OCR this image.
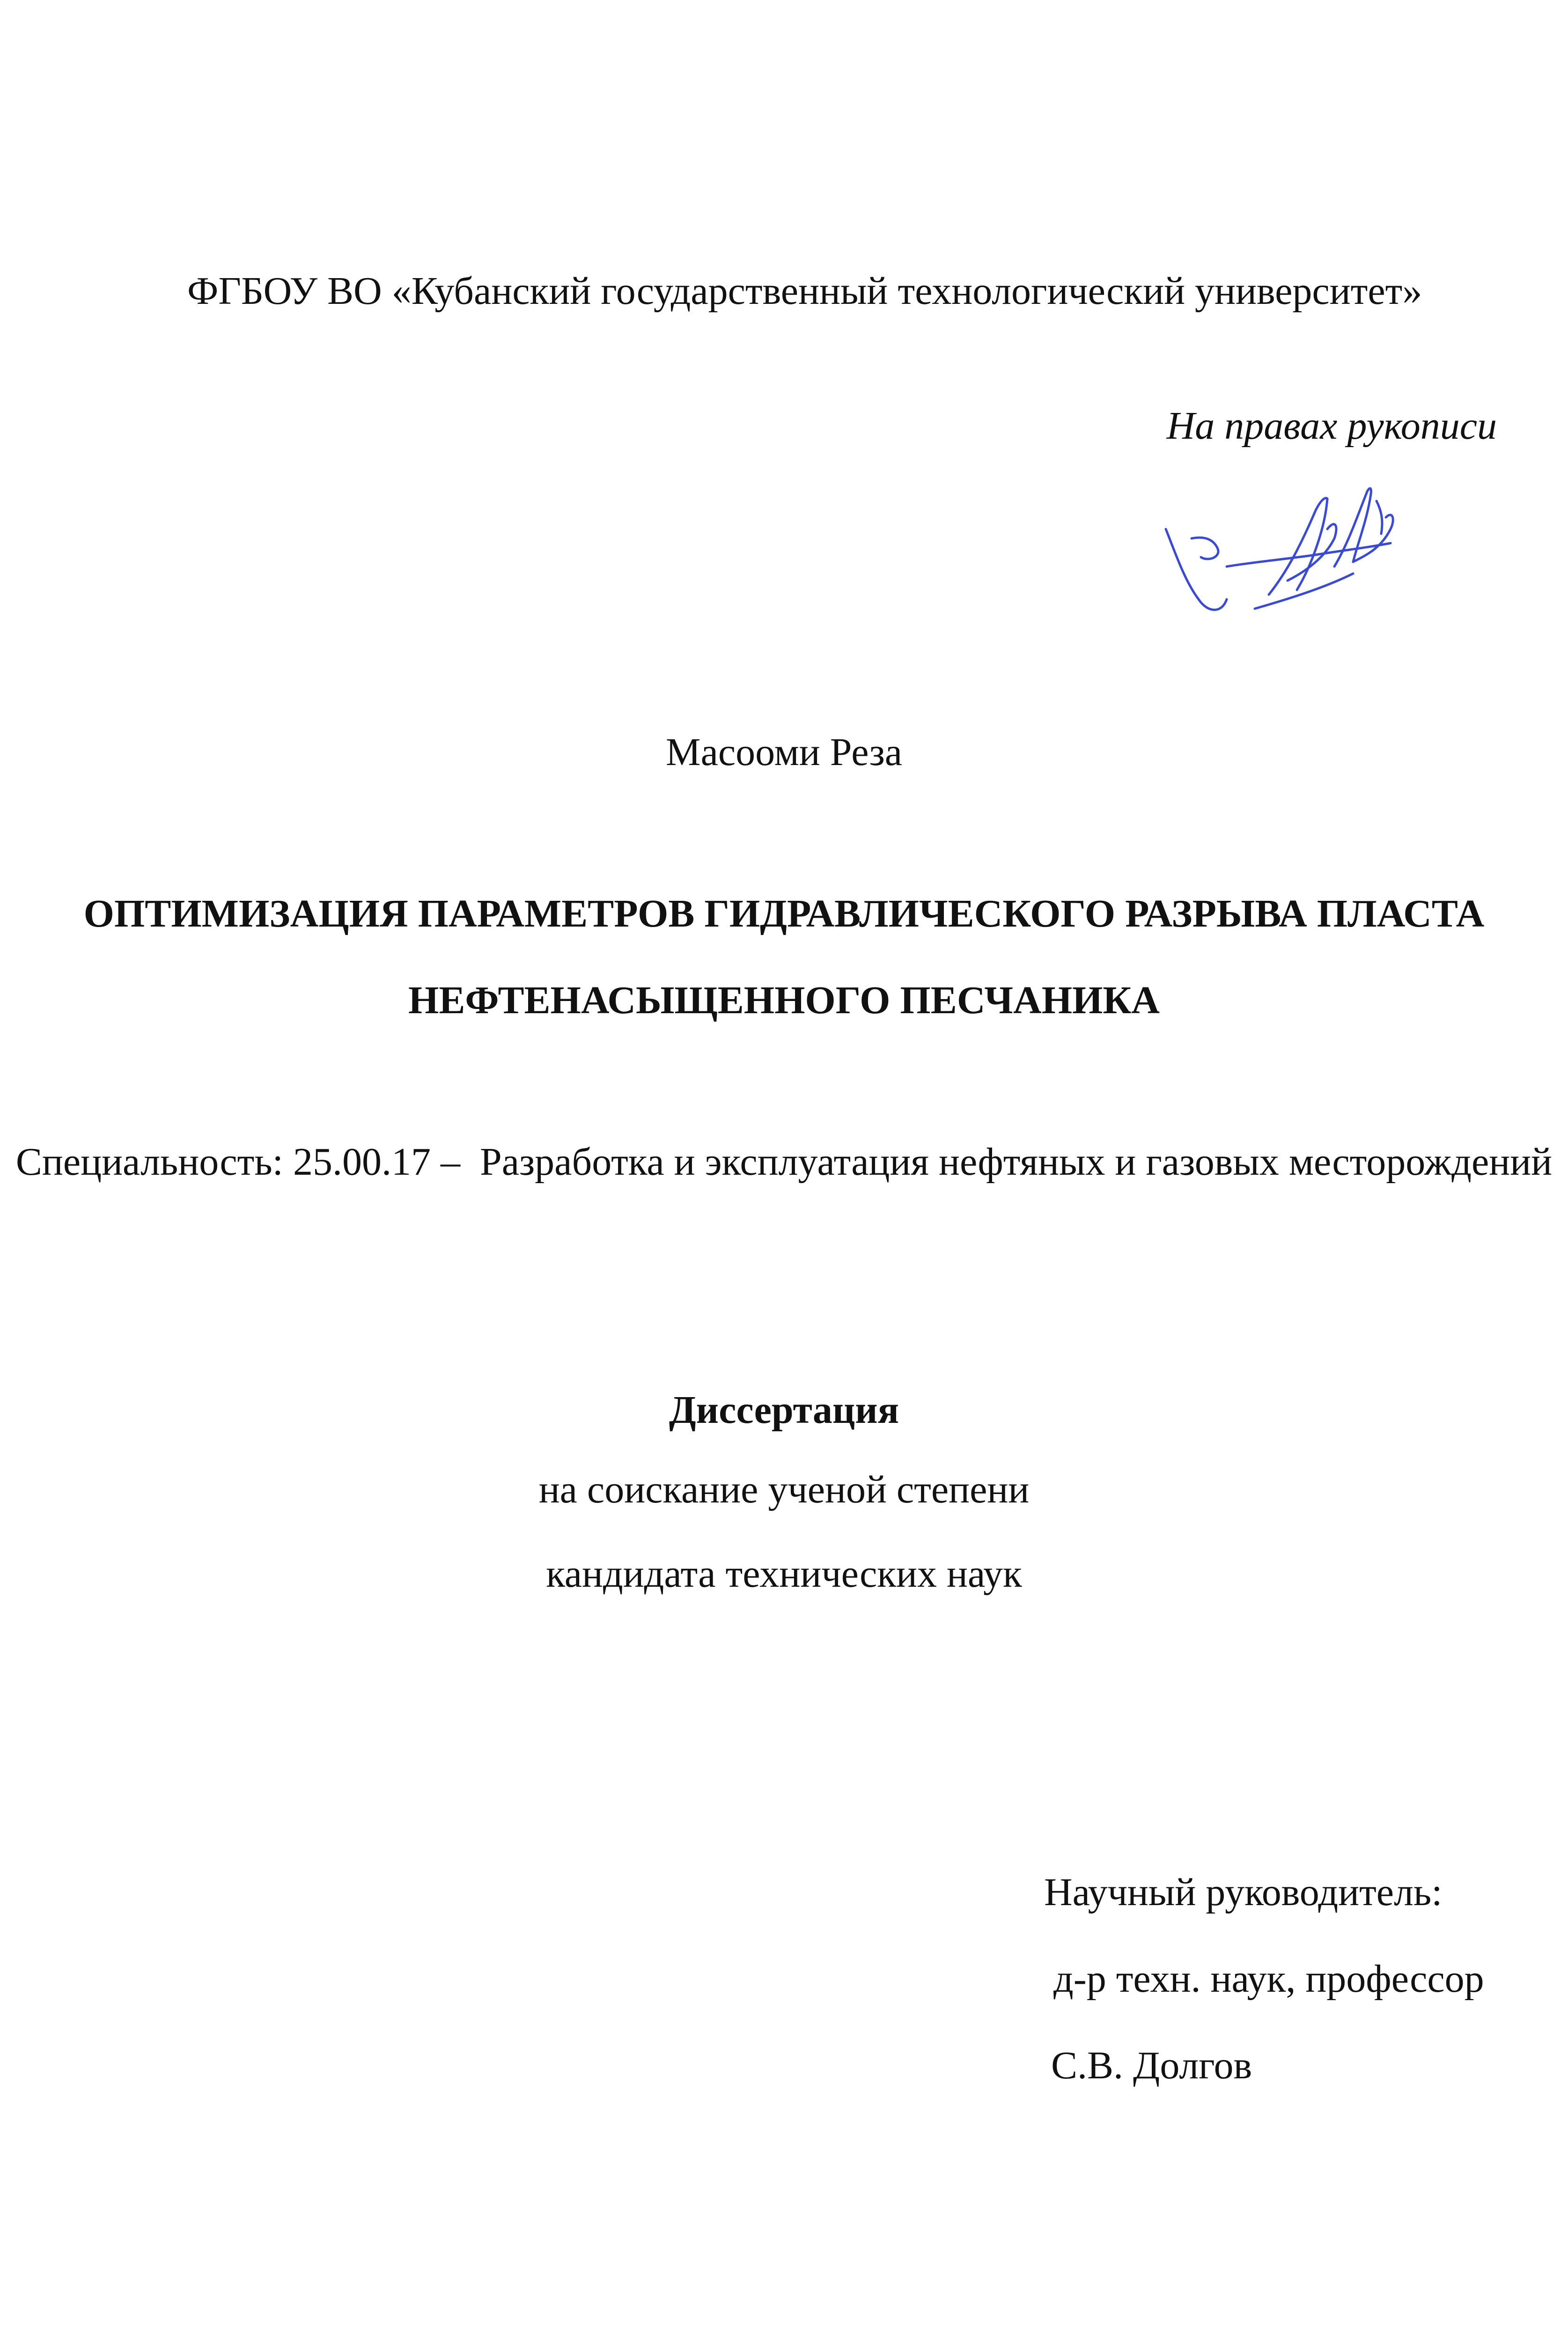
ФГБОУ ВО «Кубанский государственный технологический университет»
На правах рукописи
Масооми Реза
ОПТИМИЗАЦИЯ ПАРАМЕТРОВ ГИДРАВЛИЧЕСКОГО РАЗРЫВА ПЛАСТА
НЕФТЕНАСЫЩЕННОГО ПЕСЧАНИКА
Специальность: 25.00.17 –  Разработка и эксплуатация нефтяных и газовых месторождений
Диссертация
на соискание ученой степени
кандидата технических наук
Научный руководитель:
д-р техн. наук, профессор
С.В. Долгов
